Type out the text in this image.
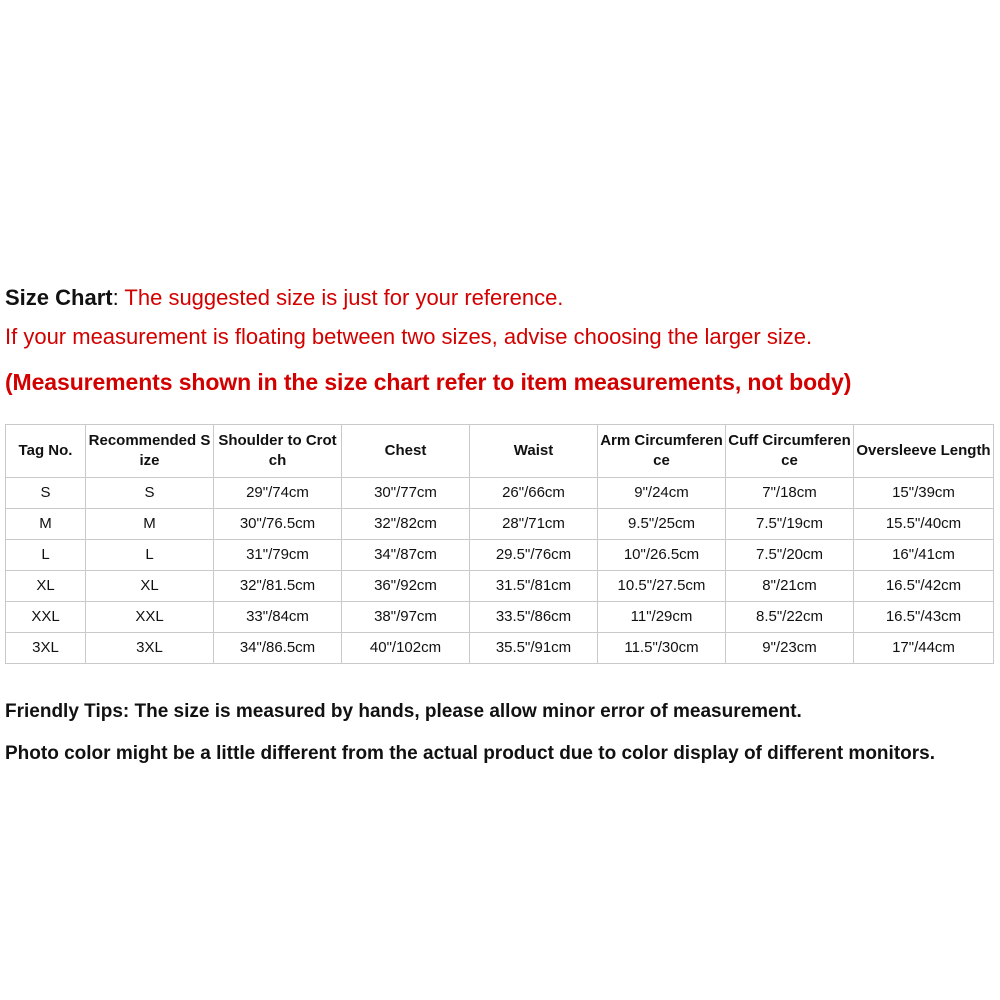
Size Chart: The suggested size is just for your reference.
If your measurement is floating between two sizes, advise choosing the larger size.
(Measurements shown in the size chart refer to item measurements, not body)
Tag No.	Recommended Size	Shoulder to Crotch	Chest	Waist	Arm Circumference	Cuff Circumference	Oversleeve Length
S	S	29"/74cm	30"/77cm	26"/66cm	9"/24cm	7"/18cm	15"/39cm
M	M	30"/76.5cm	32"/82cm	28"/71cm	9.5"/25cm	7.5"/19cm	15.5"/40cm
L	L	31"/79cm	34"/87cm	29.5"/76cm	10"/26.5cm	7.5"/20cm	16"/41cm
XL	XL	32"/81.5cm	36"/92cm	31.5"/81cm	10.5"/27.5cm	8"/21cm	16.5"/42cm
XXL	XXL	33"/84cm	38"/97cm	33.5"/86cm	11"/29cm	8.5"/22cm	16.5"/43cm
3XL	3XL	34"/86.5cm	40"/102cm	35.5"/91cm	11.5"/30cm	9"/23cm	17"/44cm
Friendly Tips: The size is measured by hands, please allow minor error of measurement.
Photo color might be a little different from the actual product due to color display of different monitors.
